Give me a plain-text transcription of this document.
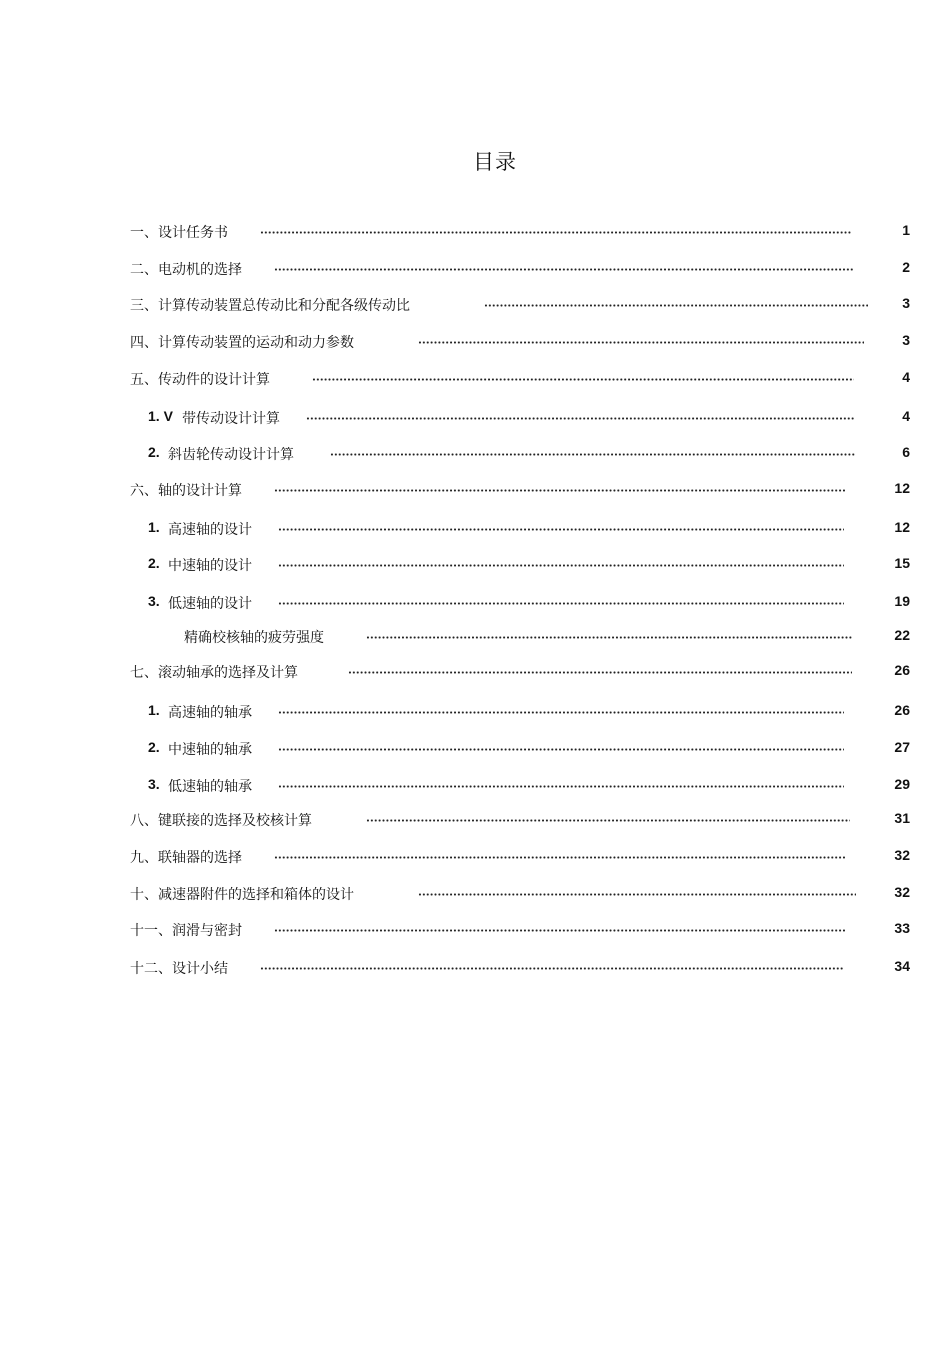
目录
一、设计任务书	1
二、电动机的选择	2
三、计算传动装置总传动比和分配各级传动比	3
四、计算传动装置的运动和动力参数	3
五、传动件的设计计算	4
1. V 带传动设计计算	4
2. 斜齿轮传动设计计算	6
六、轴的设计计算	12
1. 高速轴的设计	12
2. 中速轴的设计	15
3. 低速轴的设计	19
精确校核轴的疲劳强度	22
七、滚动轴承的选择及计算	26
1. 高速轴的轴承	26
2. 中速轴的轴承	27
3. 低速轴的轴承	29
八、键联接的选择及校核计算	31
九、联轴器的选择	32
十、减速器附件的选择和箱体的设计	32
十一、润滑与密封	33
十二、设计小结	34
